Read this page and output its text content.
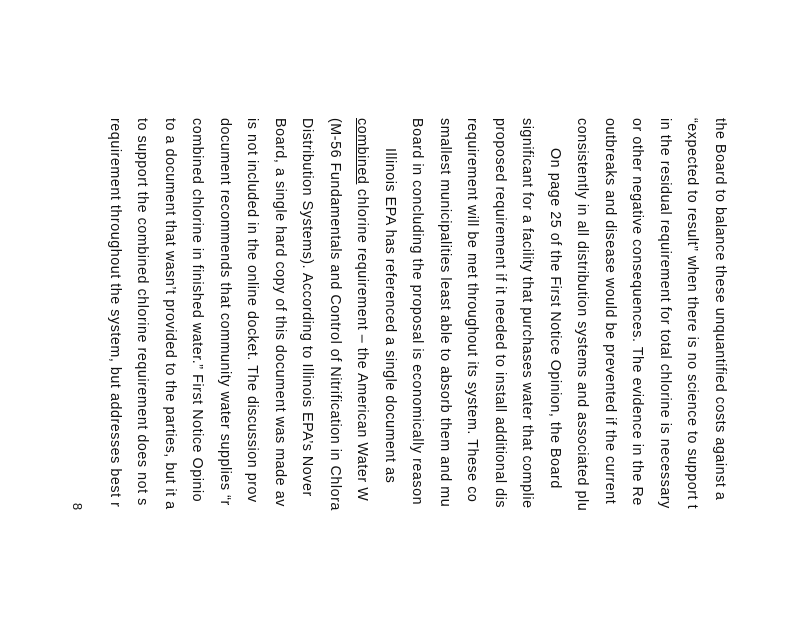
the Board to balance these unquantified costs against a
“expected to result” when there is no science to support t
in the residual requirement for total chlorine is necessary
or other negative consequences. The evidence in the Re
outbreaks and disease would be prevented if the current
consistently in all distribution systems and associated plu
On page 25 of the First Notice Opinion, the Board
significant for a facility that purchases water that complie
proposed requirement if it needed to install additional dis
requirement will be met throughout its system. These co
smallest municipalities least able to absorb them and mu
Board in concluding the proposal is economically reason
Illinois EPA has referenced a single document as
combined chlorine requirement – the American Water W
(M-56 Fundamentals and Control of Nitrification in Chlora
Distribution Systems). According to Illinois EPA’s Nover
Board, a single hard copy of this document was made av
is not included in the online docket. The discussion prov
document recommends that community water supplies “r
combined chlorine in finished water.” First Notice Opinio
to a document that wasn’t provided to the parties, but it a
to support the combined chlorine requirement does not s
requirement throughout the system, but addresses best r
8
